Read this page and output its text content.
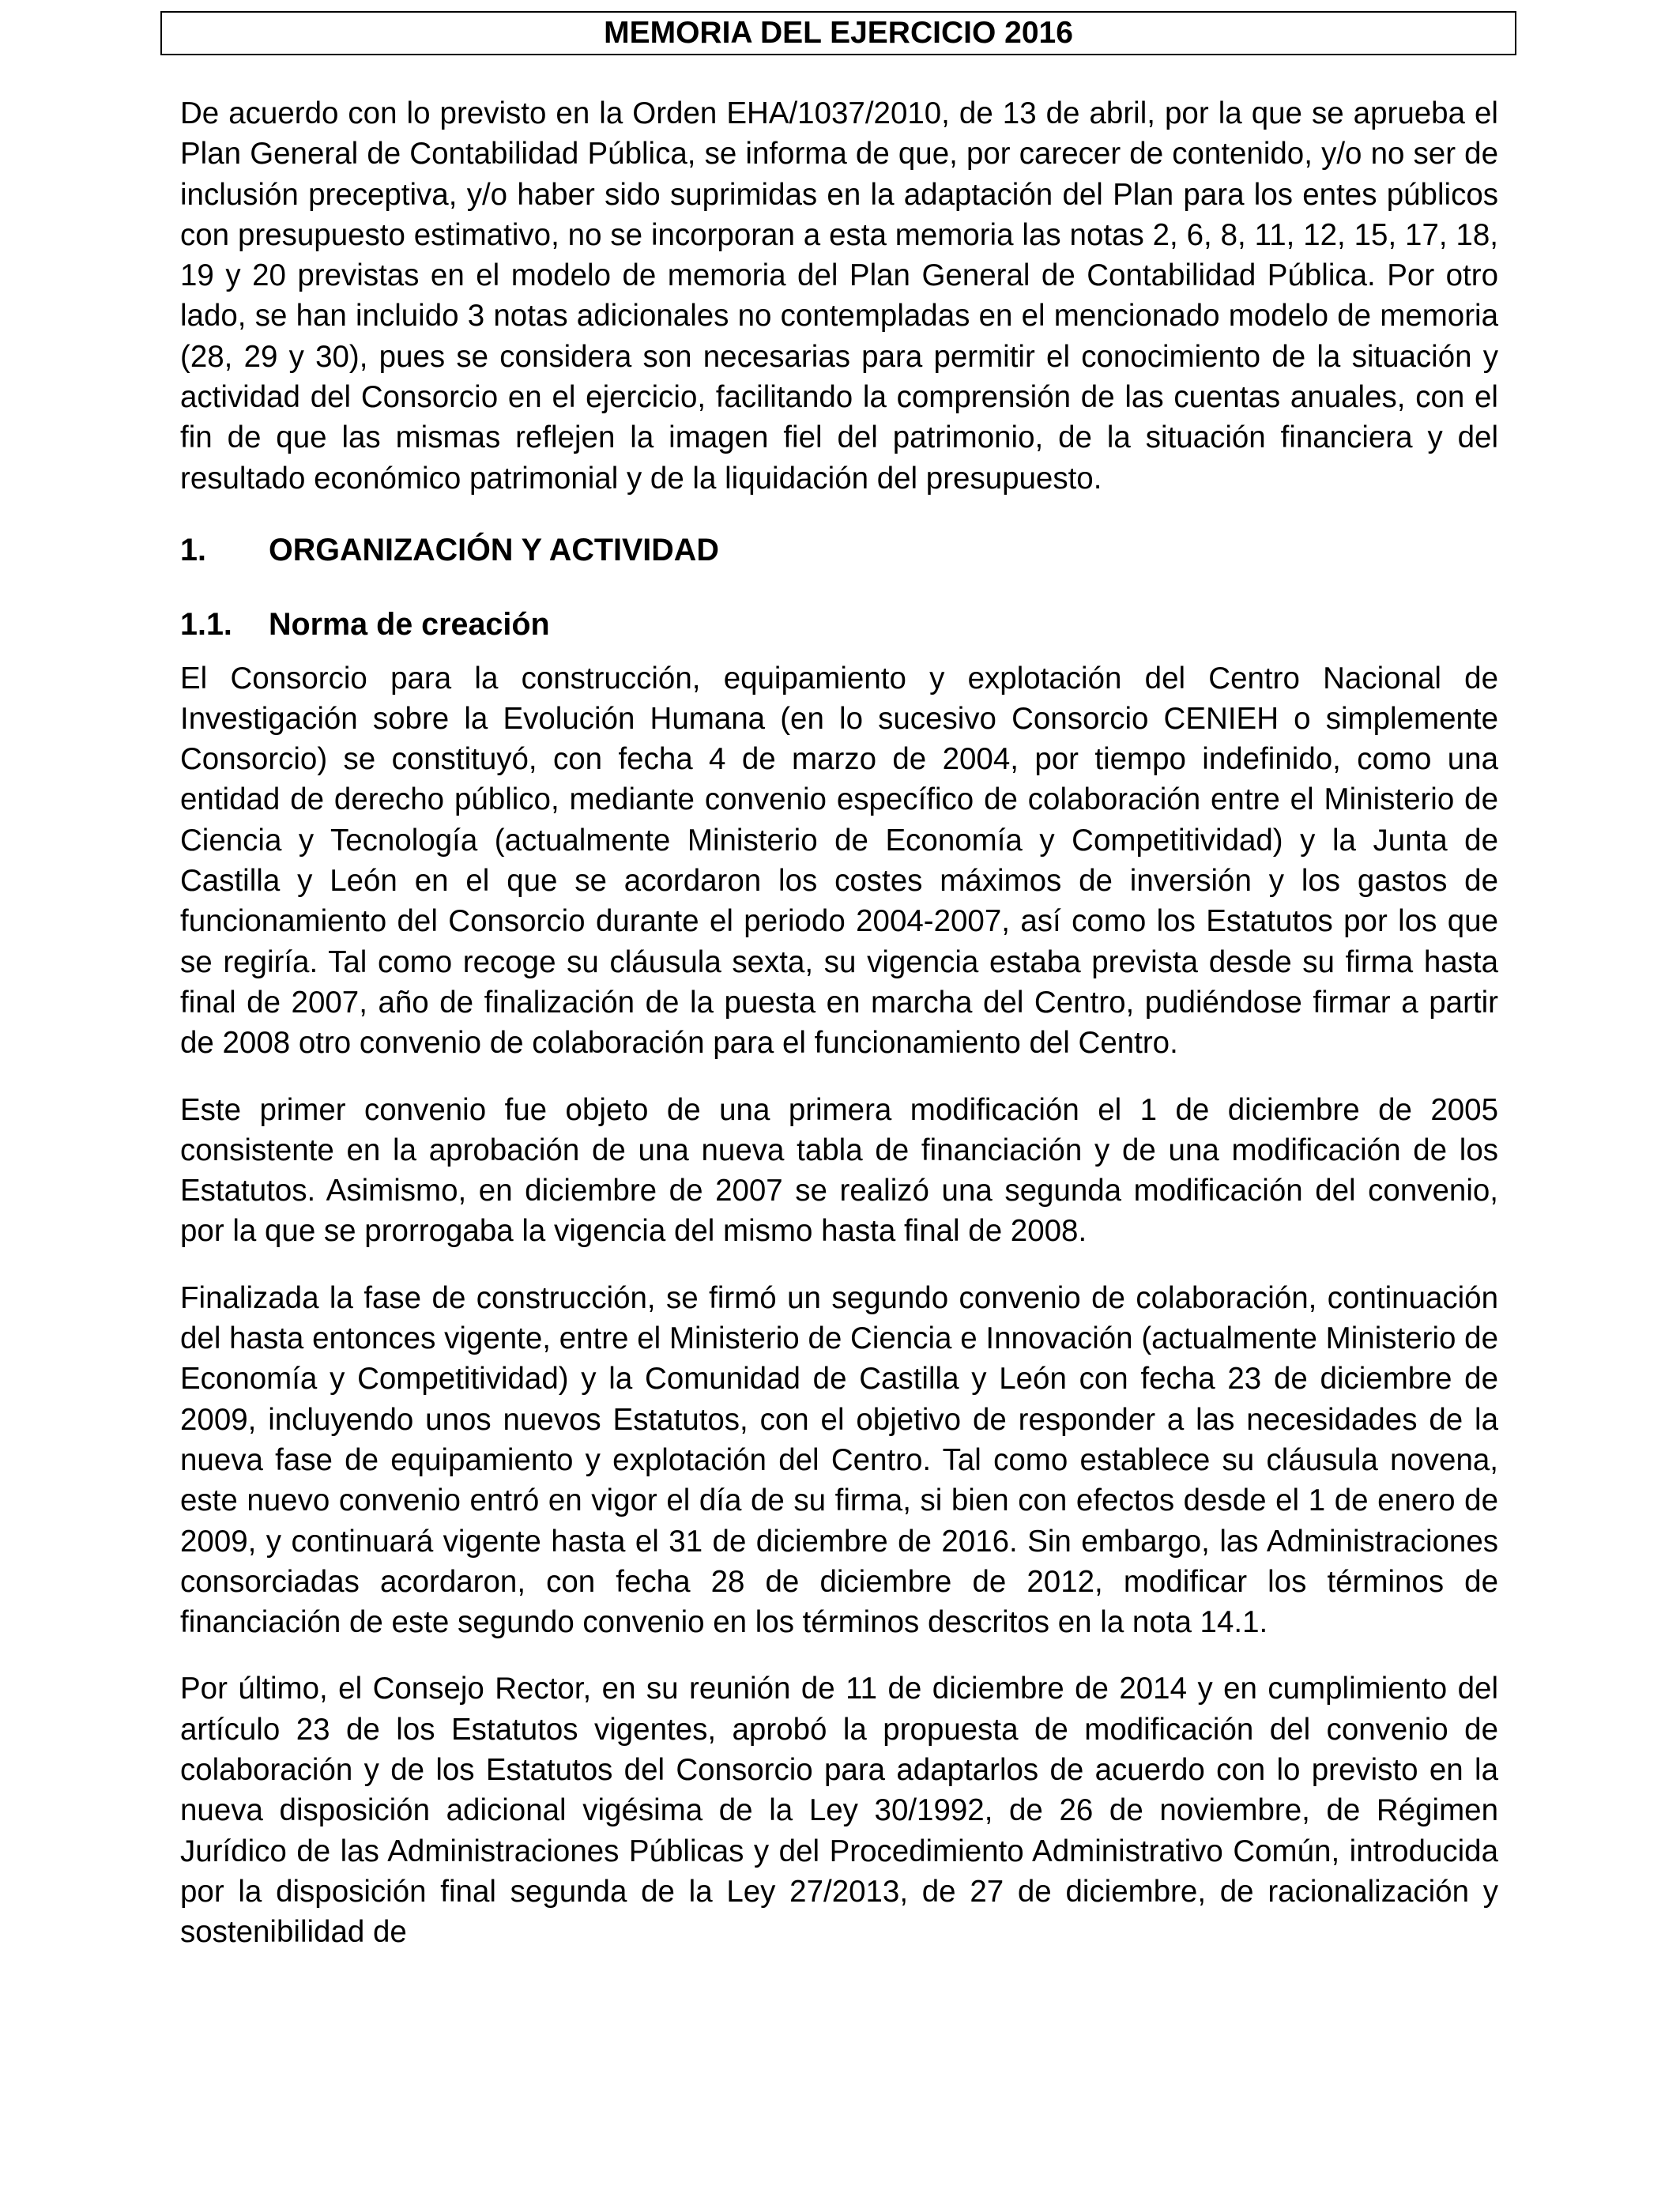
MEMORIA DEL EJERCICIO 2016

De acuerdo con lo previsto en la Orden EHA/1037/2010, de 13 de abril, por la que se aprueba el Plan General de Contabilidad Pública, se informa de que, por carecer de contenido, y/o no ser de inclusión preceptiva, y/o haber sido suprimidas en la adaptación del Plan para los entes públicos con presupuesto estimativo, no se incorporan a esta memoria las notas 2, 6, 8, 11, 12, 15, 17, 18, 19 y 20 previstas en el modelo de memoria del Plan General de Contabilidad Pública. Por otro lado, se han incluido 3 notas adicionales no contempladas en el mencionado modelo de memoria (28, 29 y 30), pues se considera son necesarias para permitir el conocimiento de la situación y actividad del Consorcio en el ejercicio, facilitando la comprensión de las cuentas anuales, con el fin de que las mismas reflejen la imagen fiel del patrimonio, de la situación financiera y del resultado económico patrimonial y de la liquidación del presupuesto.

1.	ORGANIZACIÓN Y ACTIVIDAD
1.1.	Norma de creación

El Consorcio para la construcción, equipamiento y explotación del Centro Nacional de Investigación sobre la Evolución Humana (en lo sucesivo Consorcio CENIEH o simplemente Consorcio) se constituyó, con fecha 4 de marzo de 2004, por tiempo indefinido, como una entidad de derecho público, mediante convenio específico de colaboración entre el Ministerio de Ciencia y Tecnología (actualmente Ministerio de Economía y Competitividad) y la Junta de Castilla y León en el que se acordaron los costes máximos de inversión y los gastos de funcionamiento del Consorcio durante el periodo 2004-2007, así como los Estatutos por los que se regiría. Tal como recoge su cláusula sexta, su vigencia estaba prevista desde su firma hasta final de 2007, año de finalización de la puesta en marcha del Centro, pudiéndose firmar a partir de 2008 otro convenio de colaboración para el funcionamiento del Centro.

Este primer convenio fue objeto de una primera modificación el 1 de diciembre de 2005 consistente en la aprobación de una nueva tabla de financiación y de una modificación de los Estatutos. Asimismo, en diciembre de 2007 se realizó una segunda modificación del convenio, por la que se prorrogaba la vigencia del mismo hasta final de 2008.

Finalizada la fase de construcción, se firmó un segundo convenio de colaboración, continuación del hasta entonces vigente, entre el Ministerio de Ciencia e Innovación (actualmente Ministerio de Economía y Competitividad) y la Comunidad de Castilla y León con fecha 23 de diciembre de 2009, incluyendo unos nuevos Estatutos, con el objetivo de responder a las necesidades de la nueva fase de equipamiento y explotación del Centro. Tal como establece su cláusula novena, este nuevo convenio entró en vigor el día de su firma, si bien con efectos desde el 1 de enero de 2009, y continuará vigente hasta el 31 de diciembre de 2016. Sin embargo, las Administraciones consorciadas acordaron, con fecha 28 de diciembre de 2012, modificar los términos de financiación de este segundo convenio en los términos descritos en la nota 14.1.

Por último, el Consejo Rector, en su reunión de 11 de diciembre de 2014 y en cumplimiento del artículo 23 de los Estatutos vigentes, aprobó la propuesta de modificación del convenio de colaboración y de los Estatutos del Consorcio para adaptarlos de acuerdo con lo previsto en la nueva disposición adicional vigésima de la Ley 30/1992, de 26 de noviembre, de Régimen Jurídico de las Administraciones Públicas y del Procedimiento Administrativo Común, introducida por la disposición final segunda de la Ley 27/2013, de 27 de diciembre, de racionalización y sostenibilidad de
